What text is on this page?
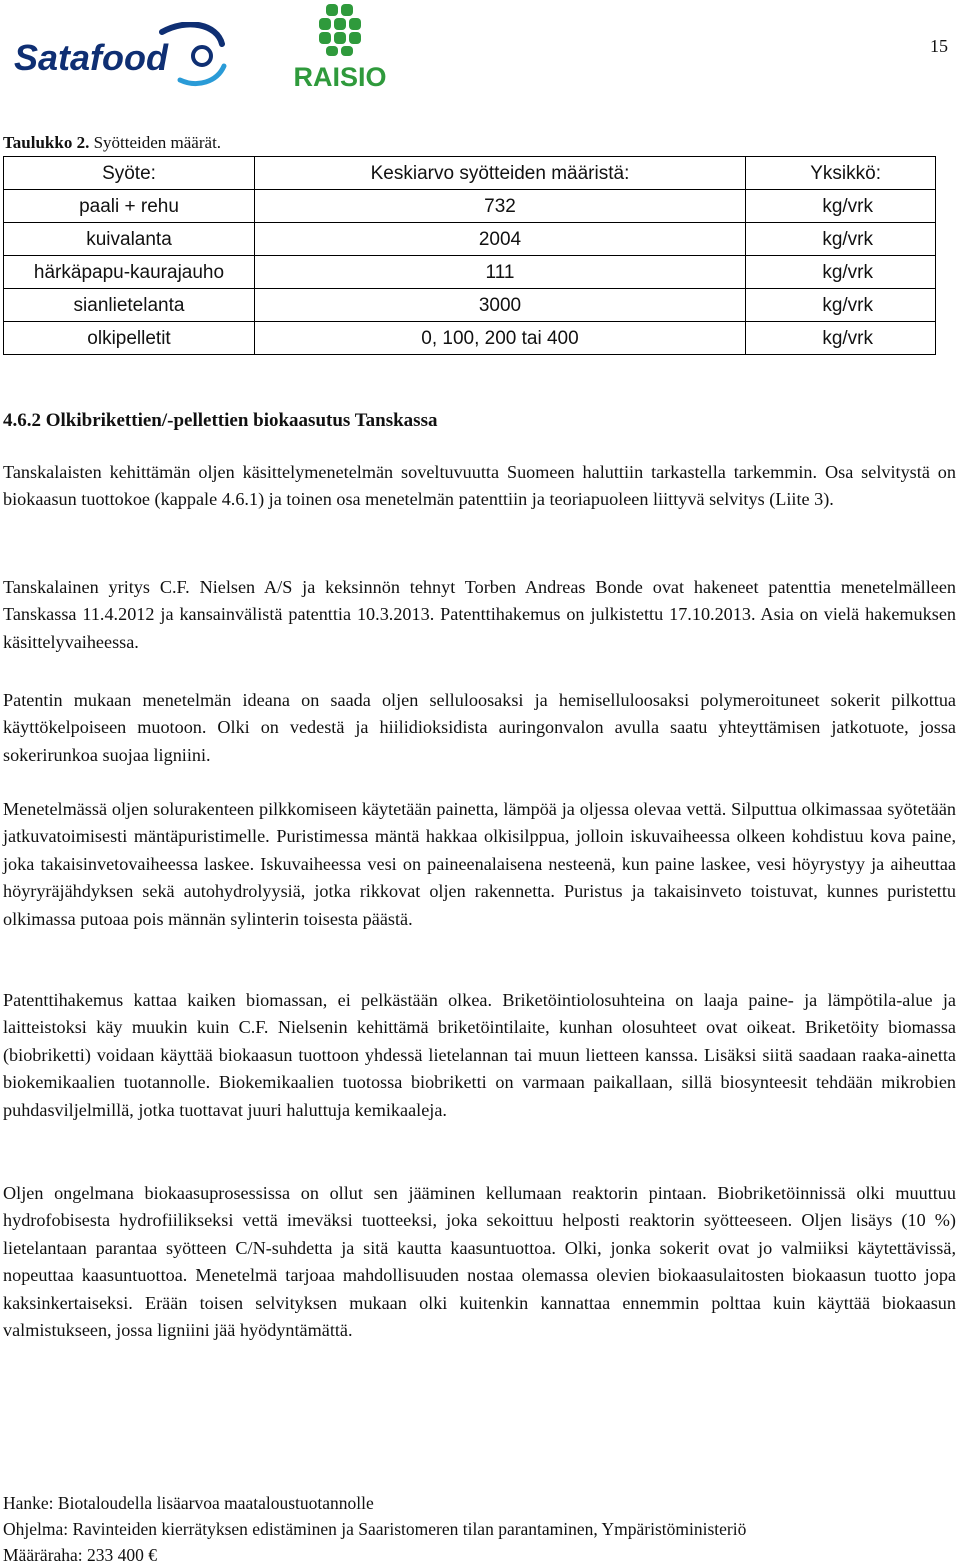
Satafood	RAISIO
15
Taulukko 2. Syötteiden määrät.
Syöte:	Keskiarvo syötteiden määristä:	Yksikkö:
paali + rehu	732	kg/vrk
kuivalanta	2004	kg/vrk
härkäpapu-kaurajauho	111	kg/vrk
sianlietelanta	3000	kg/vrk
olkipelletit	0, 100, 200 tai 400	kg/vrk
4.6.2 Olkibrikettien/-pellettien biokaasutus Tanskassa

Tanskalaisten kehittämän oljen käsittelymenetelmän soveltuvuutta Suomeen haluttiin tarkastella tarkemmin. Osa selvitystä on biokaasun tuottokoe (kappale 4.6.1) ja toinen osa menetelmän patenttiin ja teoriapuoleen liittyvä selvitys (Liite 3).

Tanskalainen yritys C.F. Nielsen A/S ja keksinnön tehnyt Torben Andreas Bonde ovat hakeneet patenttia menetelmälleen Tanskassa 11.4.2012 ja kansainvälistä patenttia 10.3.2013. Patenttihakemus on julkistettu 17.10.2013. Asia on vielä hakemuksen käsittelyvaiheessa.

Patentin mukaan menetelmän ideana on saada oljen selluloosaksi ja hemiselluloosaksi polymeroituneet sokerit pilkottua käyttökelpoiseen muotoon. Olki on vedestä ja hiilidioksidista auringonvalon avulla saatu yhteyttämisen jatkotuote, jossa sokerirunkoa suojaa ligniini.

Menetelmässä oljen solurakenteen pilkkomiseen käytetään painetta, lämpöä ja oljessa olevaa vettä. Silputtua olkimassaa syötetään jatkuvatoimisesti mäntäpuristimelle. Puristimessa mäntä hakkaa olkisilppua, jolloin iskuvaiheessa olkeen kohdistuu kova paine, joka takaisinvetovaiheessa laskee. Iskuvaiheessa vesi on paineenalaisena nesteenä, kun paine laskee, vesi höyrystyy ja aiheuttaa höyryräjähdyksen sekä autohydrolyysiä, jotka rikkovat oljen rakennetta. Puristus ja takaisinveto toistuvat, kunnes puristettu olkimassa putoaa pois männän sylinterin toisesta päästä.

Patenttihakemus kattaa kaiken biomassan, ei pelkästään olkea. Briketöintiolosuhteina on laaja paine- ja lämpötila-alue ja laitteistoksi käy muukin kuin C.F. Nielsenin kehittämä briketöintilaite, kunhan olosuhteet ovat oikeat. Briketöity biomassa (biobriketti) voidaan käyttää biokaasun tuottoon yhdessä lietelannan tai muun lietteen kanssa. Lisäksi siitä saadaan raaka-ainetta biokemikaalien tuotannolle. Biokemikaalien tuotossa biobriketti on varmaan paikallaan, sillä biosynteesit tehdään mikrobien puhdasviljelmillä, jotka tuottavat juuri haluttuja kemikaaleja.

Oljen ongelmana biokaasuprosessissa on ollut sen jääminen kellumaan reaktorin pintaan. Biobriketöinnissä olki muuttuu hydrofobisesta hydrofiilikseksi vettä imeväksi tuotteeksi, joka sekoittuu helposti reaktorin syötteeseen. Oljen lisäys (10 %) lietelantaan parantaa syötteen C/N-suhdetta ja sitä kautta kaasuntuottoa. Olki, jonka sokerit ovat jo valmiiksi käytettävissä, nopeuttaa kaasuntuottoa. Menetelmä tarjoaa mahdollisuuden nostaa olemassa olevien biokaasulaitosten biokaasun tuotto jopa kaksinkertaiseksi. Erään toisen selvityksen mukaan olki kuitenkin kannattaa ennemmin polttaa kuin käyttää biokaasun valmistukseen, jossa ligniini jää hyödyntämättä.

Hanke: Biotaloudella lisäarvoa maataloustuotannolle
Ohjelma: Ravinteiden kierrätyksen edistäminen ja Saaristomeren tilan parantaminen, Ympäristöministeriö
Määräraha: 233 400 €
